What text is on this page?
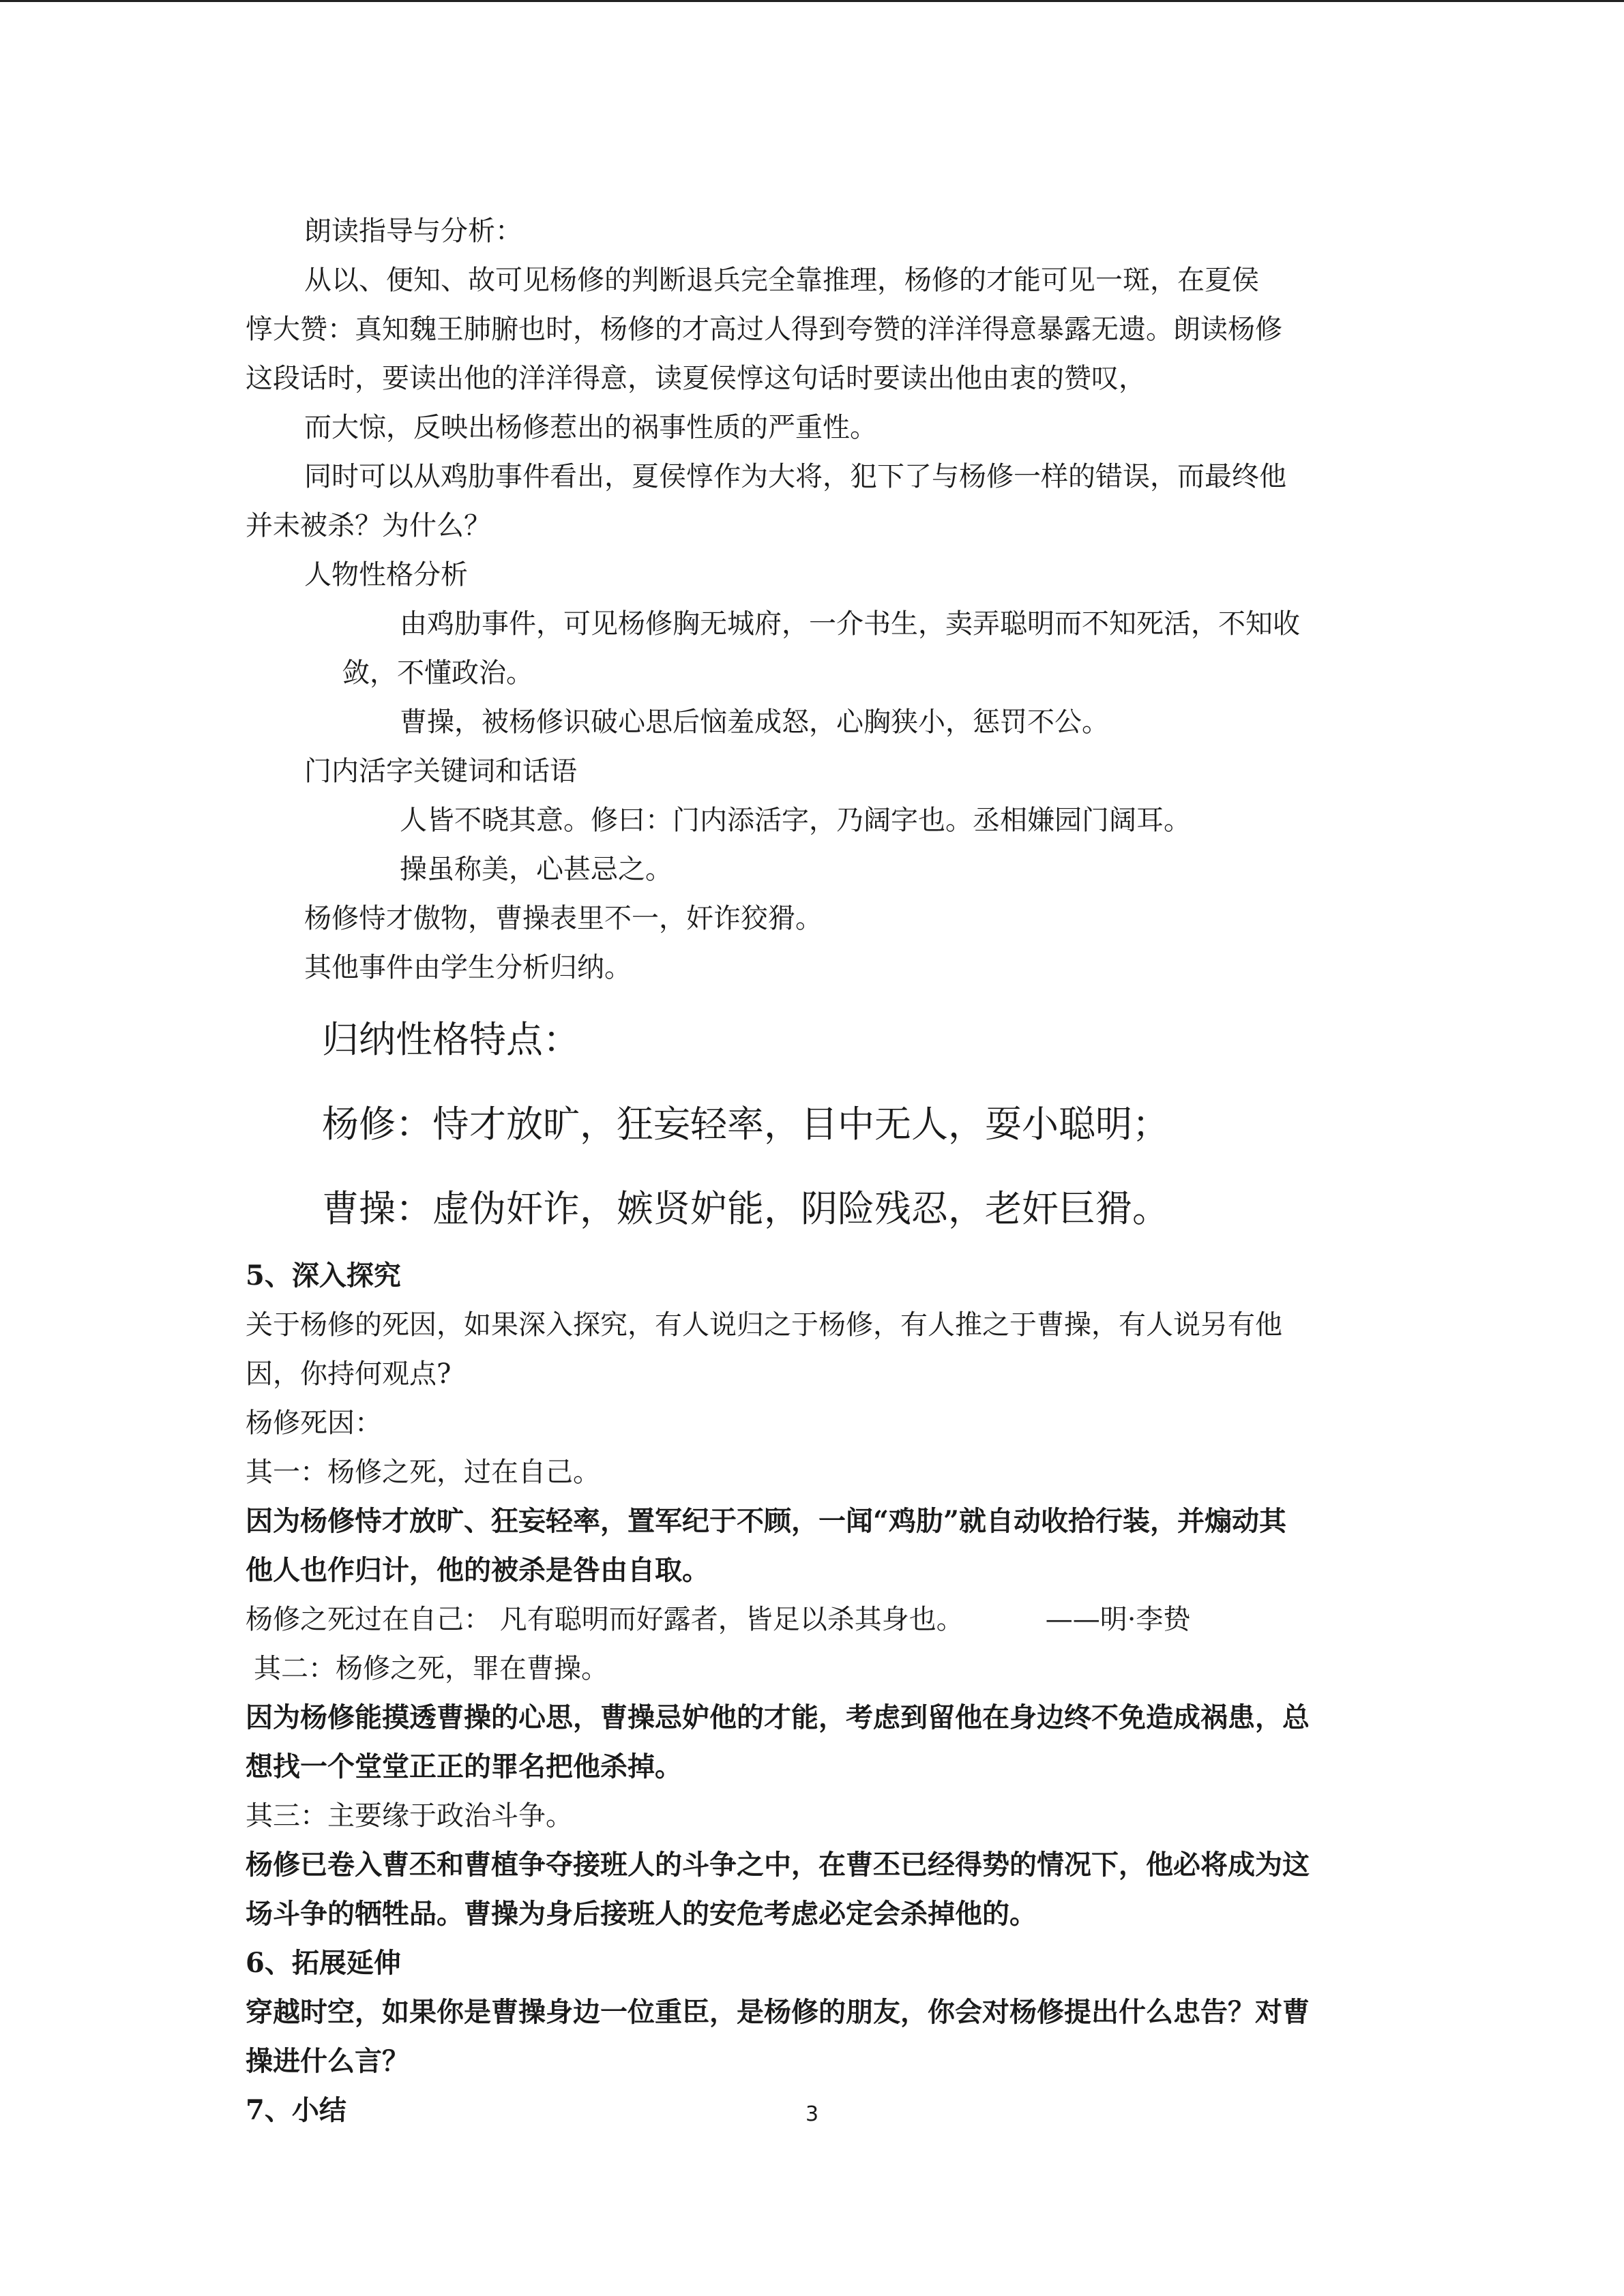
朗读指导与分析：
从以、便知、故可见杨修的判断退兵完全靠推理，杨修的才能可见一斑，在夏侯
惇大赞：真知魏王肺腑也时，杨修的才高过人得到夸赞的洋洋得意暴露无遗。朗读杨修
这段话时，要读出他的洋洋得意，读夏侯惇这句话时要读出他由衷的赞叹，
而大惊，反映出杨修惹出的祸事性质的严重性。
同时可以从鸡肋事件看出，夏侯惇作为大将，犯下了与杨修一样的错误，而最终他
并未被杀？为什么？
人物性格分析
由鸡肋事件，可见杨修胸无城府，一介书生，卖弄聪明而不知死活，不知收
敛，不懂政治。
曹操，被杨修识破心思后恼羞成怒，心胸狭小，惩罚不公。
门内活字关键词和话语
人皆不晓其意。修曰：门内添活字，乃阔字也。丞相嫌园门阔耳。
操虽称美，心甚忌之。
杨修恃才傲物，曹操表里不一，奸诈狡猾。
其他事件由学生分析归纳。
归纳性格特点：
杨修：恃才放旷，狂妄轻率，目中无人，耍小聪明；
曹操：虚伪奸诈，嫉贤妒能，阴险残忍，老奸巨猾。
5、深入探究
关于杨修的死因，如果深入探究，有人说归之于杨修，有人推之于曹操，有人说另有他
因，你持何观点?
杨修死因：
其一：杨修之死，过在自己。
因为杨修恃才放旷、狂妄轻率，置军纪于不顾，一闻“鸡肋”就自动收拾行装，并煽动其
他人也作归计，他的被杀是咎由自取。
杨修之死过在自己： 凡有聪明而好露者，皆足以杀其身也。	——明·李贽
其二：杨修之死，罪在曹操。
因为杨修能摸透曹操的心思，曹操忌妒他的才能，考虑到留他在身边终不免造成祸患，总
想找一个堂堂正正的罪名把他杀掉。
其三：主要缘于政治斗争。
杨修已卷入曹丕和曹植争夺接班人的斗争之中，在曹丕已经得势的情况下，他必将成为这
场斗争的牺牲品。曹操为身后接班人的安危考虑必定会杀掉他的。
6、拓展延伸
穿越时空，如果你是曹操身边一位重臣，是杨修的朋友，你会对杨修提出什么忠告？对曹
操进什么言？
7、小结	3
